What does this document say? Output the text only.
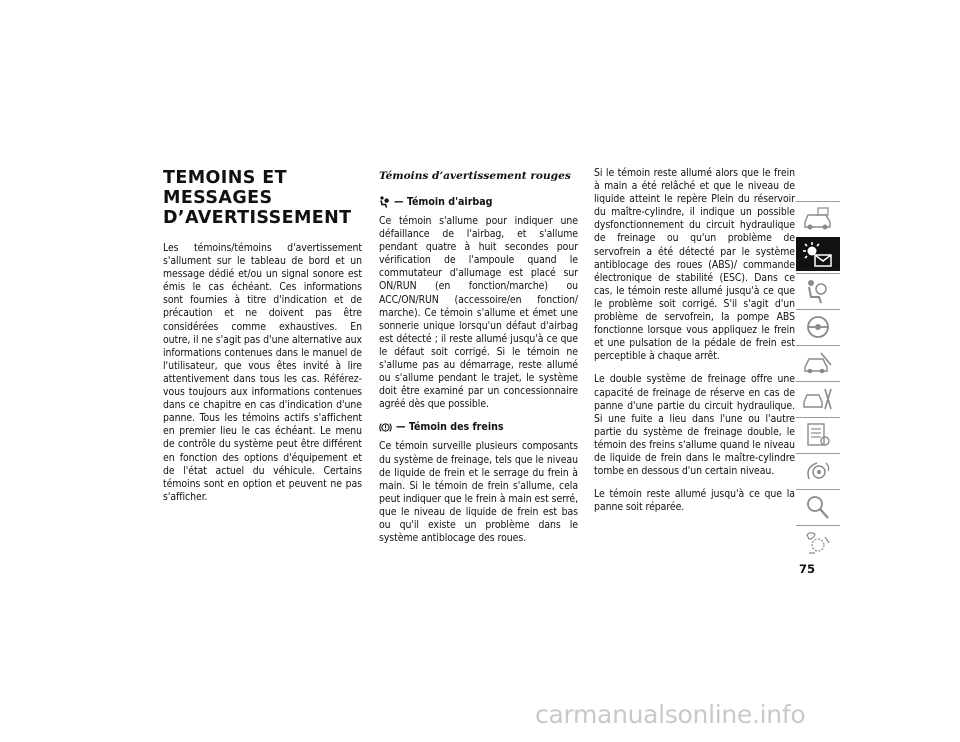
TEMOINS ET MESSAGES
D’AVERTISSEMENT

Les témoins/témoins d'avertissement s'allument sur le tableau de bord et un message dédié et/ou un signal sonore est émis le cas échéant. Ces informations sont fournies à titre d'indication et de précaution et ne doivent pas être considérées comme exhaustives. En outre, il ne s'agit pas d'une alternative aux informations contenues dans le manuel de l'utilisateur, que vous êtes invité à lire attentivement dans tous les cas. Référez-vous toujours aux informations contenues dans ce chapitre en cas d'indication d'une panne. Tous les témoins actifs s'affichent en premier lieu le cas échéant. Le menu de contrôle du système peut être différent en fonction des options d'équipement et de l'état actuel du véhicule. Certains témoins sont en option et peuvent ne pas s'afficher.

Témoins d’avertissement rouges
— Témoin d'airbag

Ce témoin s'allume pour indiquer une défaillance de l'airbag, et s'allume pendant quatre à huit secondes pour vérification de l'ampoule quand le commutateur d'allumage est placé sur ON/RUN (en fonction/marche) ou ACC/ON/RUN (accessoire/en fonction/ marche). Ce témoin s'allume et émet une sonnerie unique lorsqu'un défaut d'airbag est détecté ; il reste allumé jusqu'à ce que le défaut soit corrigé. Si le témoin ne s'allume pas au démarrage, reste allumé ou s'allume pendant le trajet, le système doit être examiné par un concessionnaire agréé dès que possible.

— Témoin des freins

Ce témoin surveille plusieurs composants du système de freinage, tels que le niveau de liquide de frein et le serrage du frein à main. Si le témoin de frein s'allume, cela peut indiquer que le frein à main est serré, que le niveau de liquide de frein est bas ou qu'il existe un problème dans le système antiblocage des roues.

Si le témoin reste allumé alors que le frein à main a été relâché et que le niveau de liquide atteint le repère Plein du réservoir du maître-cylindre, il indique un possible dysfonctionnement du circuit hydraulique de freinage ou qu'un problème de servofrein a été détecté par le système antiblocage des roues (ABS)/ commande électronique de stabilité (ESC). Dans ce cas, le témoin reste allumé jusqu'à ce que le problème soit corrigé. S'il s'agit d'un problème de servofrein, la pompe ABS fonctionne lorsque vous appliquez le frein et une pulsation de la pédale de frein est perceptible à chaque arrêt.

Le double système de freinage offre une capacité de freinage de réserve en cas de panne d'une partie du circuit hydraulique. Si une fuite a lieu dans l'une ou l'autre partie du système de freinage double, le témoin des freins s'allume quand le niveau de liquide de frein dans le maître-cylindre tombe en dessous d'un certain niveau.

Le témoin reste allumé jusqu'à ce que la panne soit réparée.

75
carmanualsonline.info
